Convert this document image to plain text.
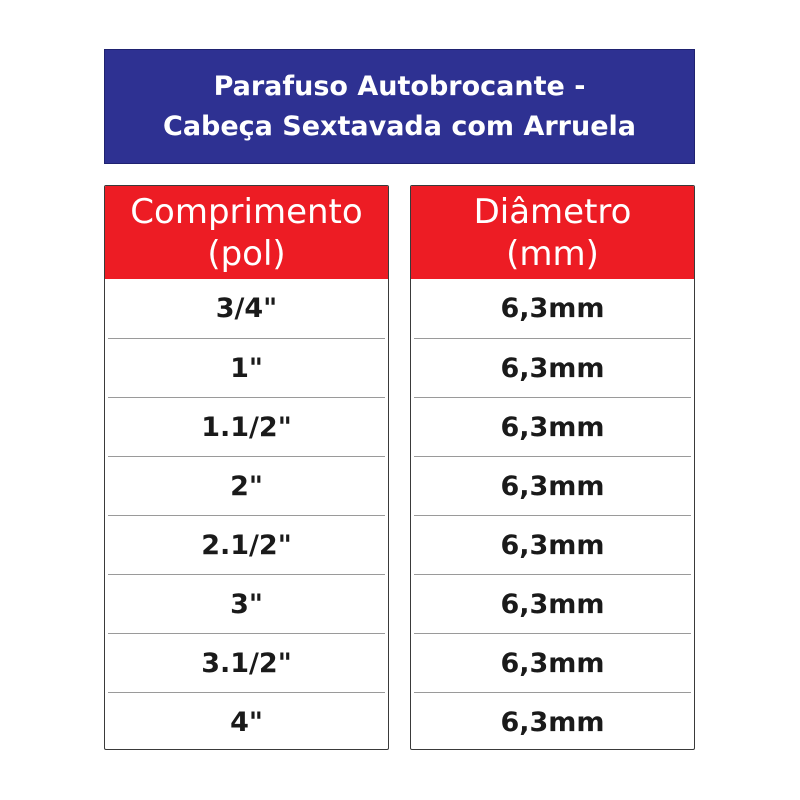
Parafuso Autobrocante -
Cabeça Sextavada com Arruela
Comprimento
(pol)
3/4"
1"
1.1/2"
2"
2.1/2"
3"
3.1/2"
4"
Diâmetro
(mm)
6,3mm
6,3mm
6,3mm
6,3mm
6,3mm
6,3mm
6,3mm
6,3mm
